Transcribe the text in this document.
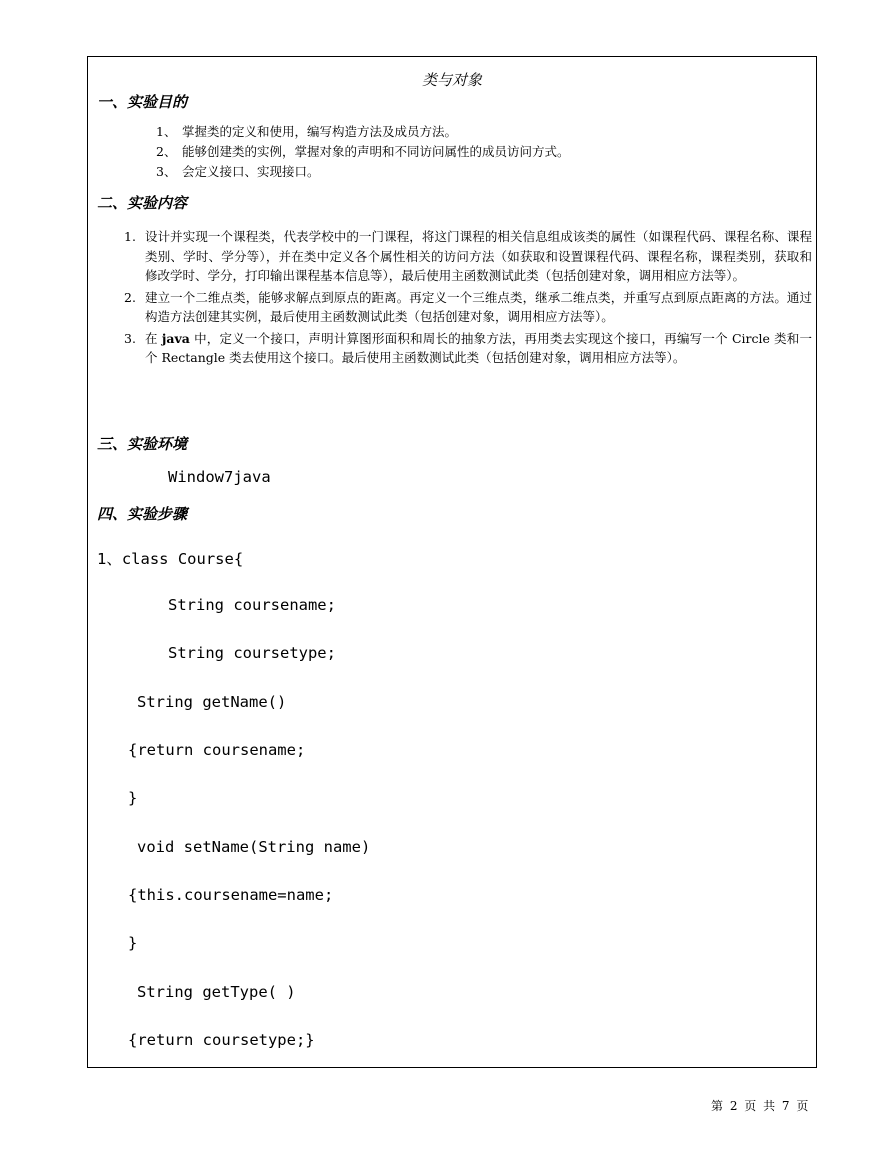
类与对象
一、实验目的
1、 掌握类的定义和使用，编写构造方法及成员方法。
2、 能够创建类的实例，掌握对象的声明和不同访问属性的成员访问方式。
3、 会定义接口、实现接口。
二、实验内容
1. 设计并实现一个课程类，代表学校中的一门课程，将这门课程的相关信息组成该类的属性（如课程代码、课程名称、课程类别、学时、学分等），并在类中定义各个属性相关的访问方法（如获取和设置课程代码、课程名称，课程类别，获取和修改学时、学分，打印输出课程基本信息等），最后使用主函数测试此类（包括创建对象，调用相应方法等）。
2. 建立一个二维点类，能够求解点到原点的距离。再定义一个三维点类，继承二维点类，并重写点到原点距离的方法。通过构造方法创建其实例，最后使用主函数测试此类（包括创建对象，调用相应方法等）。
3. 在 java 中，定义一个接口，声明计算图形面积和周长的抽象方法，再用类去实现这个接口，再编写一个 Circle 类和一个 Rectangle 类去使用这个接口。最后使用主函数测试此类（包括创建对象，调用相应方法等）。
三、实验环境
Window7java
四、实验步骤
1、class Course{
String coursename;
String coursetype;
String getName()
{return coursename;
}
void setName(String name)
{this.coursename=name;
}
String getType( )
{return coursetype;}
第 2 页 共 7 页
